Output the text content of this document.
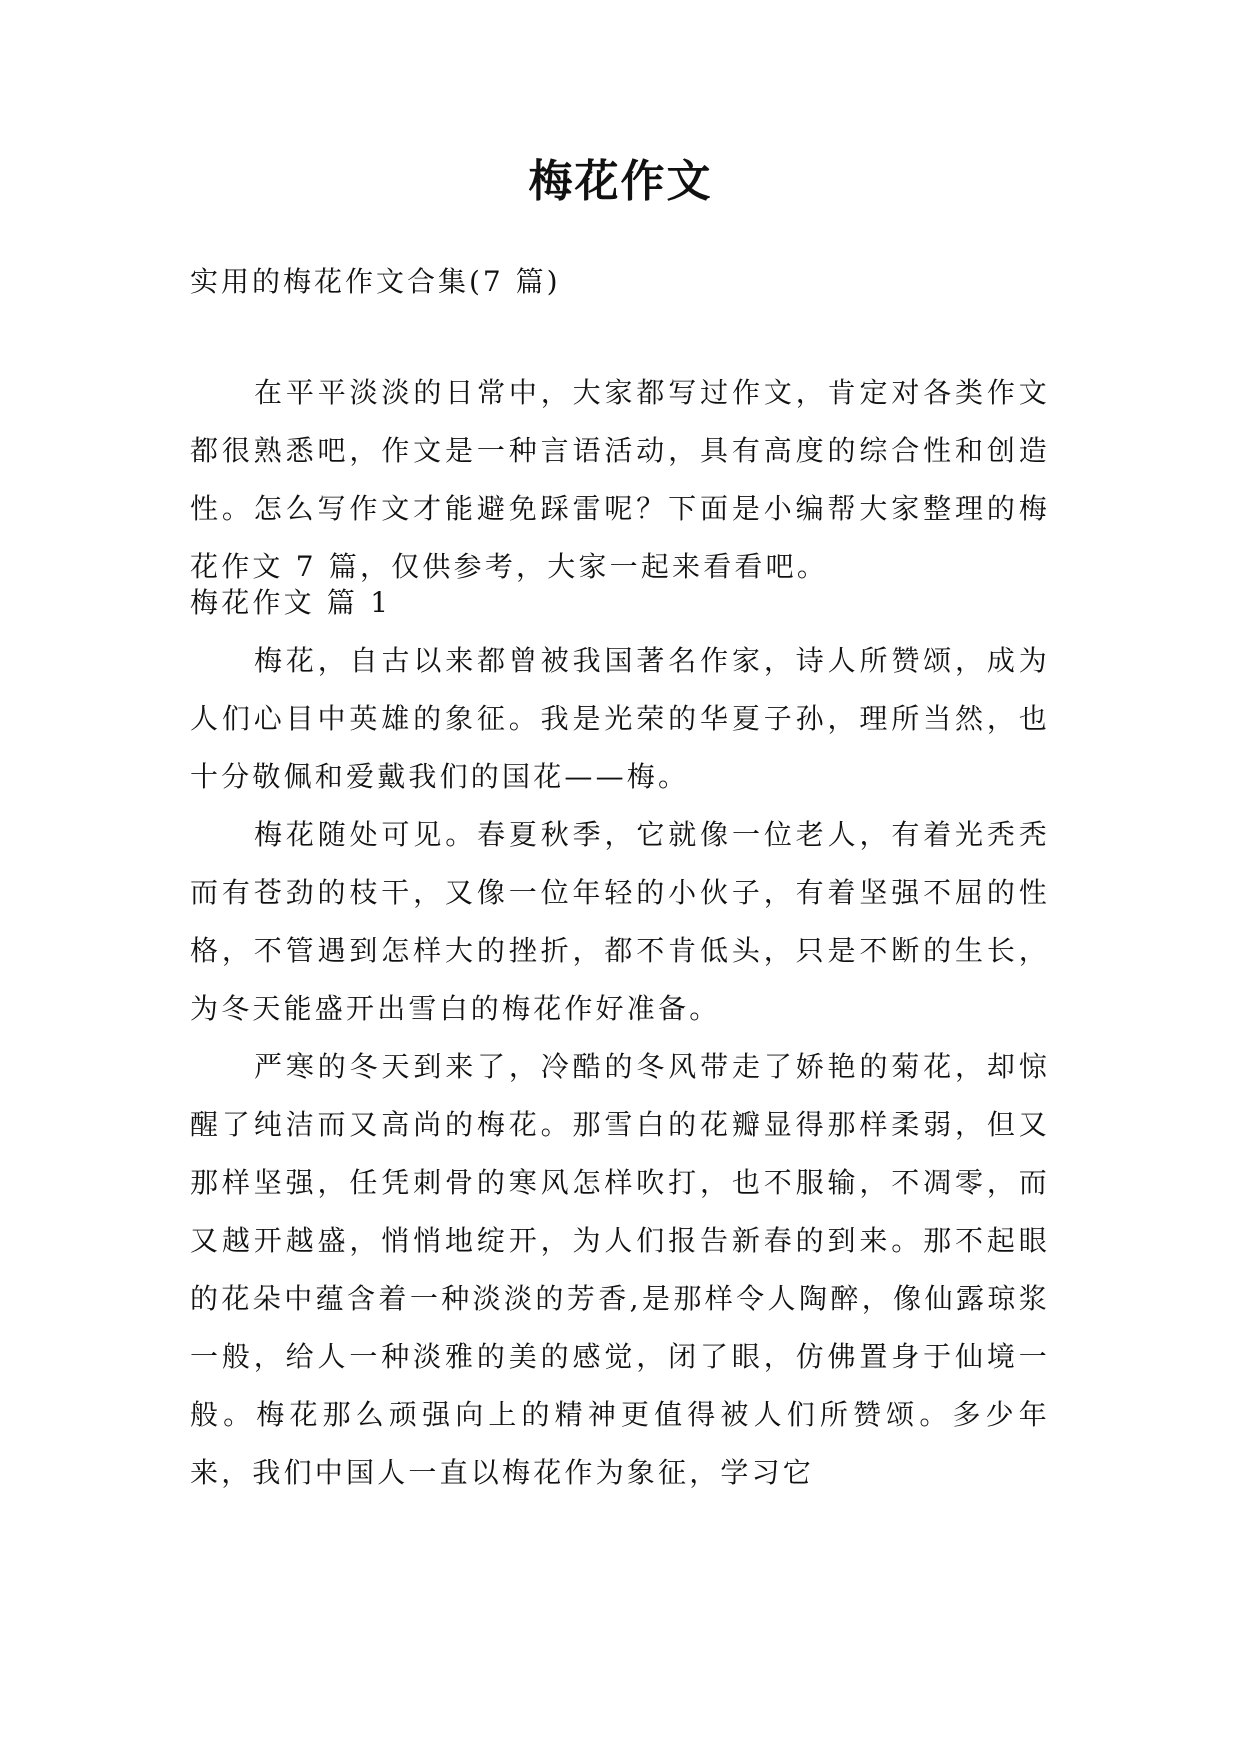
梅花作文

实用的梅花作文合集(7 篇)

在平平淡淡的日常中，大家都写过作文，肯定对各类作文都很熟悉吧，作文是一种言语活动，具有高度的综合性和创造性。怎么写作文才能避免踩雷呢？下面是小编帮大家整理的梅花作文 7 篇，仅供参考，大家一起来看看吧。

梅花作文 篇 1

梅花，自古以来都曾被我国著名作家，诗人所赞颂，成为人们心目中英雄的象征。我是光荣的华夏子孙，理所当然，也十分敬佩和爱戴我们的国花——梅。

梅花随处可见。春夏秋季，它就像一位老人，有着光秃秃而有苍劲的枝干，又像一位年轻的小伙子，有着坚强不屈的性格，不管遇到怎样大的挫折，都不肯低头，只是不断的生长，为冬天能盛开出雪白的梅花作好准备。

严寒的冬天到来了，冷酷的冬风带走了娇艳的菊花，却惊醒了纯洁而又高尚的梅花。那雪白的花瓣显得那样柔弱，但又那样坚强，任凭刺骨的寒风怎样吹打，也不服输，不凋零，而又越开越盛，悄悄地绽开，为人们报告新春的到来。那不起眼的花朵中蕴含着一种淡淡的芳香,是那样令人陶醉，像仙露琼浆一般，给人一种淡雅的美的感觉，闭了眼，仿佛置身于仙境一般。梅花那么顽强向上的精神更值得被人们所赞颂。多少年来，我们中国人一直以梅花作为象征，学习它
